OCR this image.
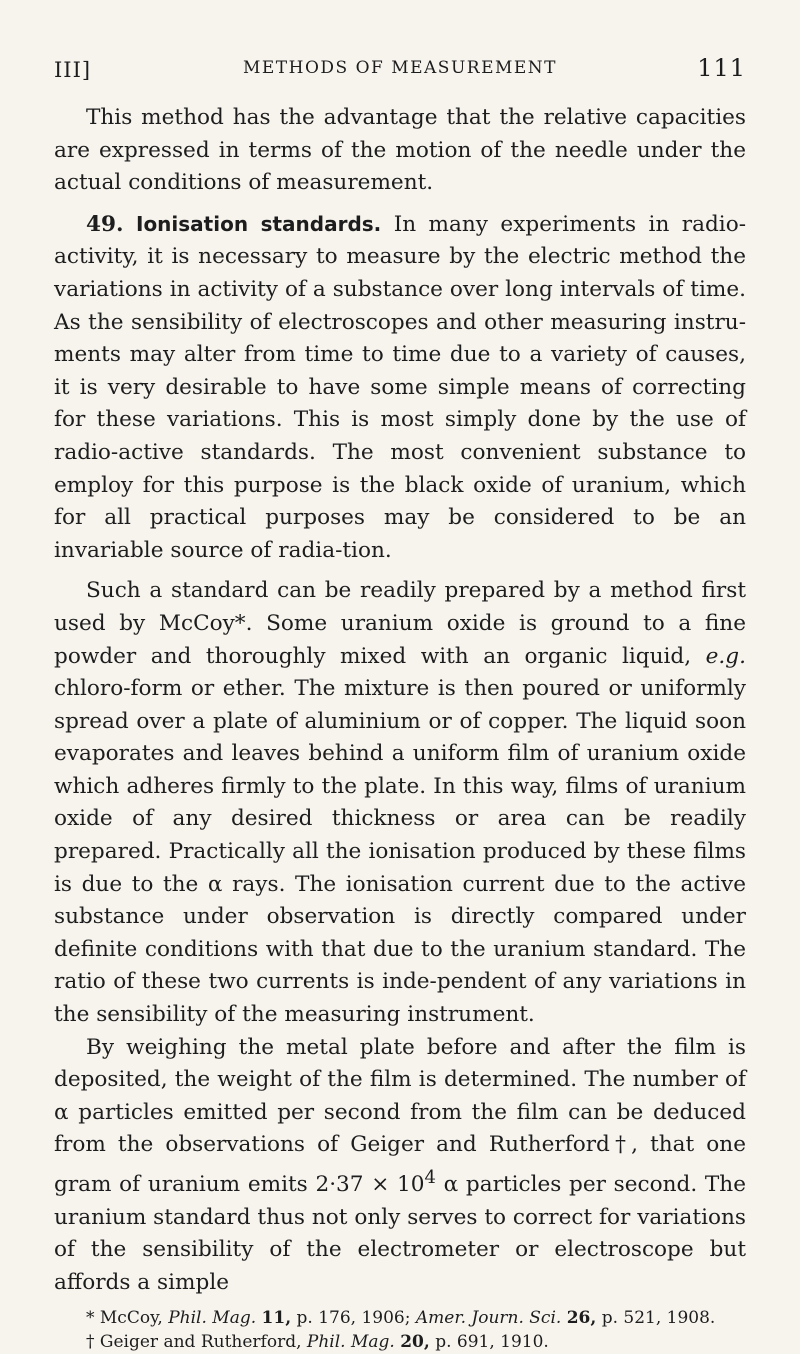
III]	METHODS OF MEASUREMENT	111

This method has the advantage that the relative capacities are expressed in terms of the motion of the needle under the actual conditions of measurement.

49. Ionisation standards. In many experiments in radio-activity, it is necessary to measure by the electric method the variations in activity of a substance over long intervals of time. As the sensibility of electroscopes and other measuring instru-ments may alter from time to time due to a variety of causes, it is very desirable to have some simple means of correcting for these variations. This is most simply done by the use of radio-active standards. The most convenient substance to employ for this purpose is the black oxide of uranium, which for all practical purposes may be considered to be an invariable source of radia-tion.

Such a standard can be readily prepared by a method first used by McCoy*. Some uranium oxide is ground to a fine powder and thoroughly mixed with an organic liquid, e.g. chloro-form or ether. The mixture is then poured or uniformly spread over a plate of aluminium or of copper. The liquid soon evaporates and leaves behind a uniform film of uranium oxide which adheres firmly to the plate. In this way, films of uranium oxide of any desired thickness or area can be readily prepared. Practically all the ionisation produced by these films is due to the α rays. The ionisation current due to the active substance under observation is directly compared under definite conditions with that due to the uranium standard. The ratio of these two currents is inde-pendent of any variations in the sensibility of the measuring instrument.

By weighing the metal plate before and after the film is deposited, the weight of the film is determined. The number of α particles emitted per second from the film can be deduced from the observations of Geiger and Rutherford†, that one gram of uranium emits $2\cdot 37 \times 10^4$ α particles per second. The uranium standard thus not only serves to correct for variations of the sensibility of the electrometer or electroscope but affords a simple

* McCoy, Phil. Mag. 11, p. 176, 1906; Amer. Journ. Sci. 26, p. 521, 1908.

† Geiger and Rutherford, Phil. Mag. 20, p. 691, 1910.
